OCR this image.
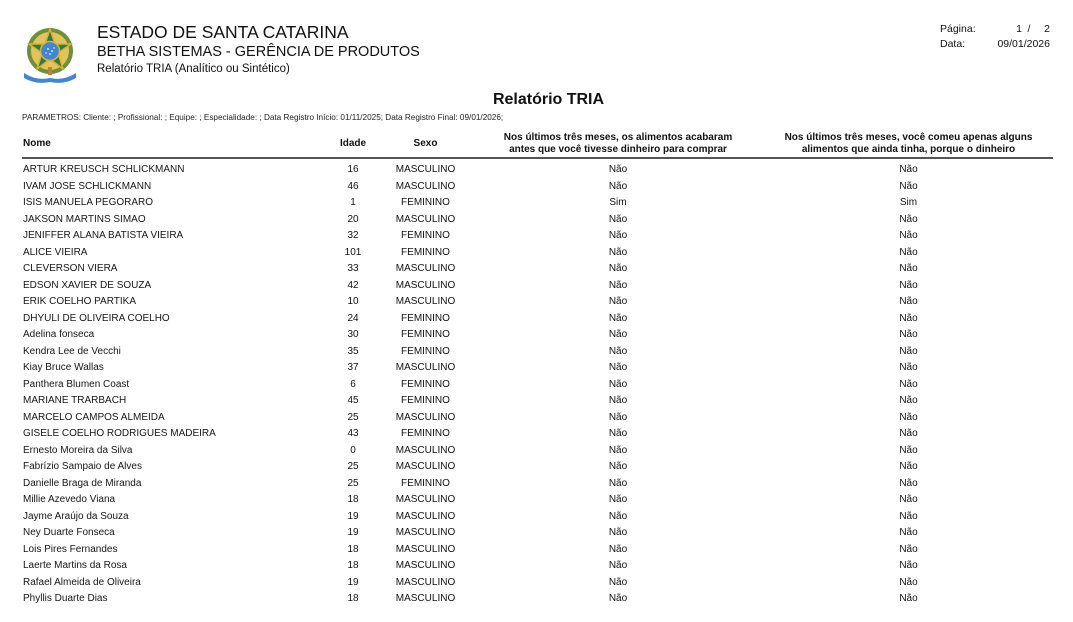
ESTADO DE SANTA CATARINA
BETHA SISTEMAS - GERÊNCIA DE PRODUTOS
Relatório TRIA (Analítico ou Sintético)
Página:	1 / 2
Data:	09/01/2026
Relatório TRIA
PARAMETROS: Cliente: ; Profissional: ; Equipe: ; Especialidade: ; Data Registro Início: 01/11/2025; Data Registro Final: 09/01/2026;
Nome	Idade	Sexo	Nos últimos três meses, os alimentos acabaram
antes que você tivesse dinheiro para comprar
Nos últimos três meses, você comeu apenas alguns
alimentos que ainda tinha, porque o dinheiro
ARTUR KREUSCH SCHLICKMANN	16	MASCULINO	Não	Não
IVAM JOSE SCHLICKMANN	46	MASCULINO	Não	Não
ISIS MANUELA PEGORARO	1	FEMININO	Sim	Sim
JAKSON MARTINS SIMAO	20	MASCULINO	Não	Não
JENIFFER ALANA BATISTA VIEIRA	32	FEMININO	Não	Não
ALICE VIEIRA	101	FEMININO	Não	Não
CLEVERSON VIERA	33	MASCULINO	Não	Não
EDSON XAVIER DE SOUZA	42	MASCULINO	Não	Não
ERIK COELHO PARTIKA	10	MASCULINO	Não	Não
DHYULI DE OLIVEIRA COELHO	24	FEMININO	Não	Não
Adelina fonseca	30	FEMININO	Não	Não
Kendra Lee de Vecchi	35	FEMININO	Não	Não
Kiay Bruce Wallas	37	MASCULINO	Não	Não
Panthera Blumen Coast	6	FEMININO	Não	Não
MARIANE TRARBACH	45	FEMININO	Não	Não
MARCELO CAMPOS ALMEIDA	25	MASCULINO	Não	Não
GISELE COELHO RODRIGUES MADEIRA	43	FEMININO	Não	Não
Ernesto Moreira da Silva	0	MASCULINO	Não	Não
Fabrízio Sampaio de Alves	25	MASCULINO	Não	Não
Danielle Braga de Miranda	25	FEMININO	Não	Não
Millie Azevedo Viana	18	MASCULINO	Não	Não
Jayme Araújo da Souza	19	MASCULINO	Não	Não
Ney Duarte Fonseca	19	MASCULINO	Não	Não
Lois Pires Fernandes	18	MASCULINO	Não	Não
Laerte Martins da Rosa	18	MASCULINO	Não	Não
Rafael Almeida de Oliveira	19	MASCULINO	Não	Não
Phyllis Duarte Dias	18	MASCULINO	Não	Não
